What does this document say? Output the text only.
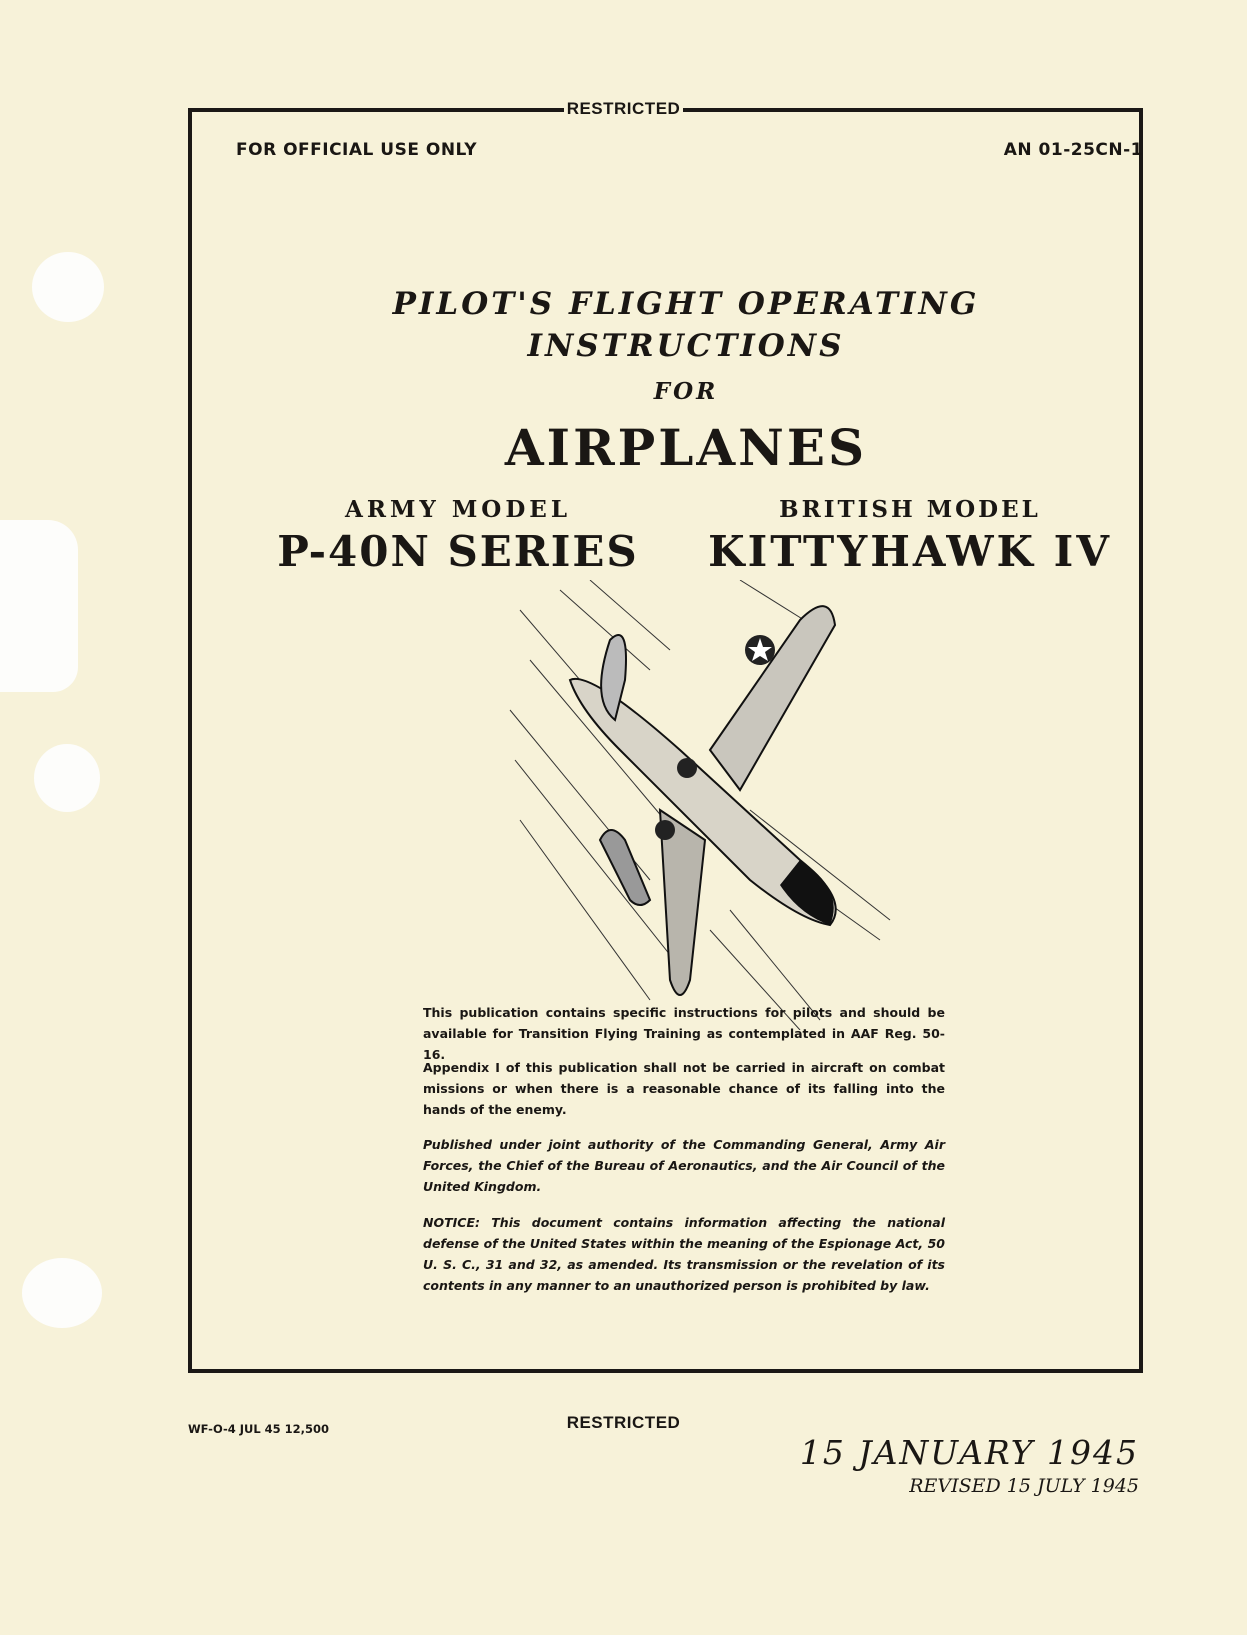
RESTRICTED
RESTRICTED
FOR OFFICIAL USE ONLY	AN 01-25CN-1
PILOT'S FLIGHT OPERATING
INSTRUCTIONS
FOR
AIRPLANES
ARMY MODEL
P-40N SERIES
BRITISH MODEL
KITTYHAWK IV
This publication contains specific instructions for pilots and should be available for Transition Flying Training as contemplated in AAF Reg. 50-16.
Appendix I of this publication shall not be carried in aircraft on combat missions or when there is a reasonable chance of its falling into the hands of the enemy.
Published under joint authority of the Commanding General, Army Air Forces, the Chief of the Bureau of Aeronautics, and the Air Council of the United Kingdom.
NOTICE: This document contains information affecting the national defense of the United States within the meaning of the Espionage Act, 50 U. S. C., 31 and 32, as amended. Its transmission or the revelation of its contents in any manner to an unauthorized person is prohibited by law.
WF-O-4 JUL 45 12,500
15 JANUARY 1945
REVISED 15 JULY 1945
